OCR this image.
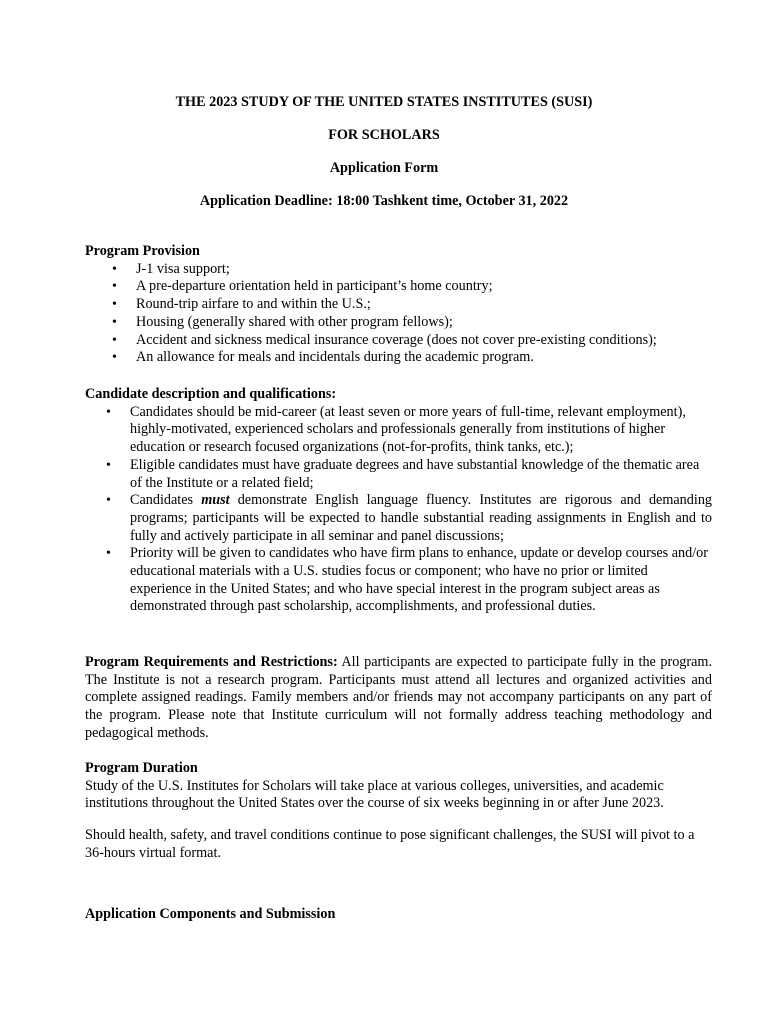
THE 2023 STUDY OF THE UNITED STATES INSTITUTES (SUSI)

FOR SCHOLARS

Application Form

Application Deadline: 18:00 Tashkent time, October 31, 2022

Program Provision

• J-1 visa support;
• A pre-departure orientation held in participant’s home country;
• Round-trip airfare to and within the U.S.;
• Housing (generally shared with other program fellows);
• Accident and sickness medical insurance coverage (does not cover pre-existing conditions);
• An allowance for meals and incidentals during the academic program.

Candidate description and qualifications:

• Candidates should be mid-career (at least seven or more years of full-time, relevant employment), highly-motivated, experienced scholars and professionals generally from institutions of higher education or research focused organizations (not-for-profits, think tanks, etc.);
• Eligible candidates must have graduate degrees and have substantial knowledge of the thematic area of the Institute or a related field;
• Candidates must demonstrate English language fluency. Institutes are rigorous and demanding programs; participants will be expected to handle substantial reading assignments in English and to fully and actively participate in all seminar and panel discussions;
• Priority will be given to candidates who have firm plans to enhance, update or develop courses and/or educational materials with a U.S. studies focus or component; who have no prior or limited experience in the United States; and who have special interest in the program subject areas as demonstrated through past scholarship, accomplishments, and professional duties.

Program Requirements and Restrictions: All participants are expected to participate fully in the program. The Institute is not a research program. Participants must attend all lectures and organized activities and complete assigned readings. Family members and/or friends may not accompany participants on any part of the program. Please note that Institute curriculum will not formally address teaching methodology and pedagogical methods.

Program Duration

Study of the U.S. Institutes for Scholars will take place at various colleges, universities, and academic institutions throughout the United States over the course of six weeks beginning in or after June 2023.

Should health, safety, and travel conditions continue to pose significant challenges, the SUSI will pivot to a 36-hours virtual format.

Application Components and Submission
